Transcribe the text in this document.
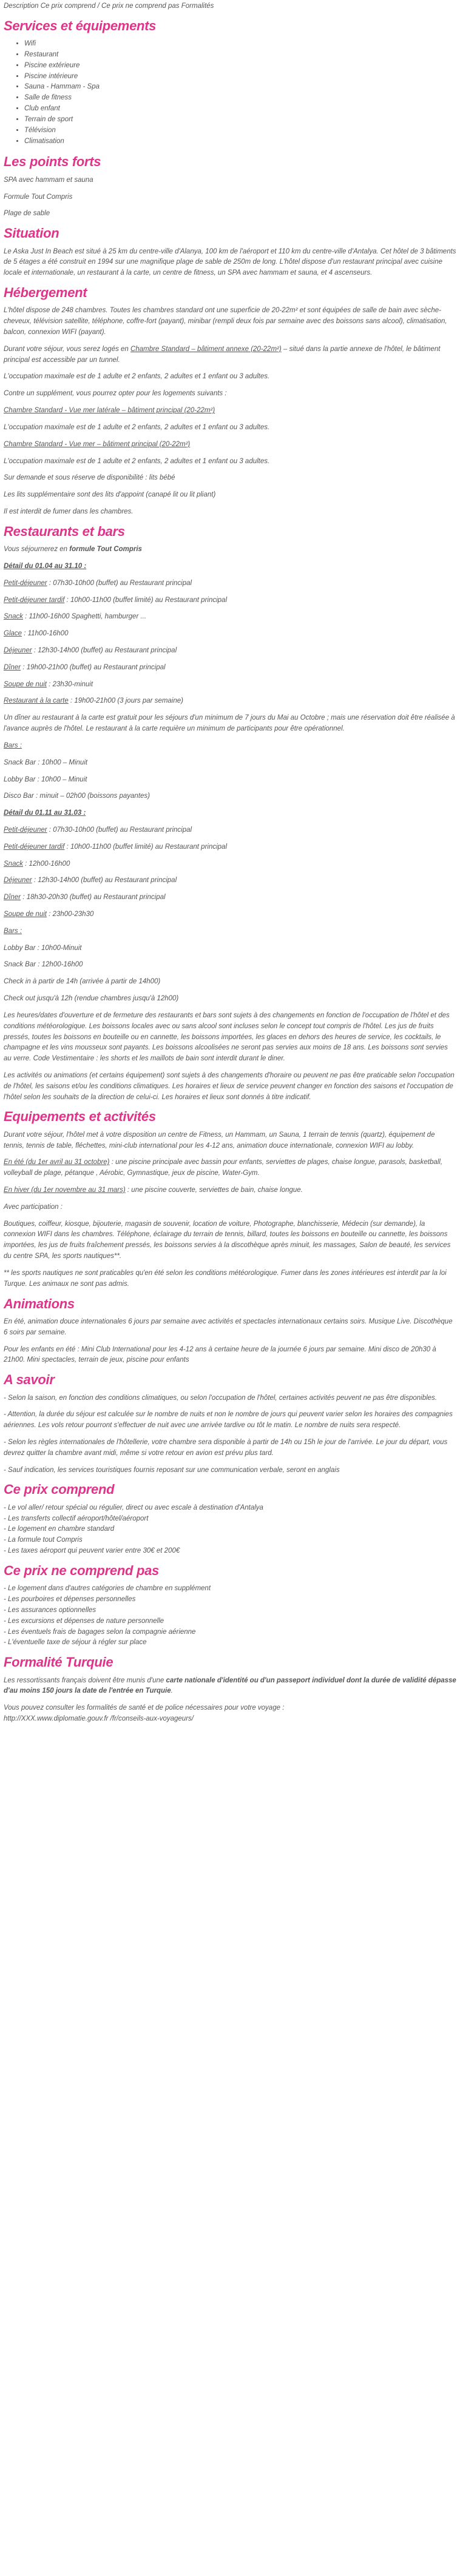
Description Ce prix comprend / Ce prix ne comprend pas Formalités

Services et équipements
• Wifi
• Restaurant
• Piscine extérieure
• Piscine intérieure
• Sauna - Hammam - Spa
• Salle de fitness
• Club enfant
• Terrain de sport
• Télévision
• Climatisation
Les points forts

SPA avec hammam et sauna

Formule Tout Compris

Plage de sable

Situation

Le Aska Just In Beach est situé à 25 km du centre-ville d'Alanya, 100 km de l'aéroport et 110 km du centre-ville d'Antalya. Cet hôtel de 3 bâtiments de 5 étages a été construit en 1994 sur une magnifique plage de sable de 250m de long. L'hôtel dispose d'un restaurant principal avec cuisine locale et internationale, un restaurant à la carte, un centre de fitness, un SPA avec hammam et sauna, et 4 ascenseurs.

Hébergement

L'hôtel dispose de 248 chambres. Toutes les chambres standard ont une superficie de 20-22m² et sont équipées de salle de bain avec sèche-cheveux, télévision satellite, téléphone, coffre-fort (payant), minibar (rempli deux fois par semaine avec des boissons sans alcool), climatisation, balcon, connexion WIFI (payant).

Durant votre séjour, vous serez logés en Chambre Standard – bâtiment annexe (20-22m²) – situé dans la partie annexe de l'hôtel, le bâtiment principal est accessible par un tunnel.

L'occupation maximale est de 1 adulte et 2 enfants, 2 adultes et 1 enfant ou 3 adultes.

Contre un supplément, vous pourrez opter pour les logements suivants :

Chambre Standard - Vue mer latérale – bâtiment principal (20-22m²)

L'occupation maximale est de 1 adulte et 2 enfants, 2 adultes et 1 enfant ou 3 adultes.

Chambre Standard - Vue mer – bâtiment principal (20-22m²)

L'occupation maximale est de 1 adulte et 2 enfants, 2 adultes et 1 enfant ou 3 adultes.

Sur demande et sous réserve de disponibilité : lits bébé

Les lits supplémentaire sont des lits d'appoint (canapé lit ou lit pliant)

Il est interdit de fumer dans les chambres.

Restaurants et bars

Vous séjournerez en formule Tout Compris

Détail du 01.04 au 31.10 :

Petit-déjeuner : 07h30-10h00 (buffet) au Restaurant principal

Petit-déjeuner tardif : 10h00-11h00 (buffet limité) au Restaurant principal

Snack : 11h00-16h00 Spaghetti, hamburger ...

Glace : 11h00-16h00

Déjeuner : 12h30-14h00 (buffet) au Restaurant principal

Dîner : 19h00-21h00 (buffet) au Restaurant principal

Soupe de nuit : 23h30-minuit

Restaurant à la carte : 19h00-21h00 (3 jours par semaine)

Un dîner au restaurant à la carte est gratuit pour les séjours d'un minimum de 7 jours du Mai au Octobre ; mais une réservation doit être réalisée à l'avance auprès de l'hôtel. Le restaurant à la carte requière un minimum de participants pour être opérationnel.

Bars :

Snack Bar : 10h00 – Minuit

Lobby Bar : 10h00 – Minuit

Disco Bar : minuit – 02h00 (boissons payantes)

Détail du 01.11 au 31.03 :

Petit-déjeuner : 07h30-10h00 (buffet) au Restaurant principal

Petit-déjeuner tardif : 10h00-11h00 (buffet limité) au Restaurant principal

Snack : 12h00-16h00

Déjeuner : 12h30-14h00 (buffet) au Restaurant principal

Dîner : 18h30-20h30 (buffet) au Restaurant principal

Soupe de nuit : 23h00-23h30

Bars :

Lobby Bar : 10h00-Minuit

Snack Bar : 12h00-16h00

Check in à partir de 14h (arrivée à partir de 14h00)

Check out jusqu'à 12h (rendue chambres jusqu'à 12h00)

Les heures/dates d'ouverture et de fermeture des restaurants et bars sont sujets à des changements en fonction de l'occupation de l'hôtel et des conditions météorologique. Les boissons locales avec ou sans alcool sont incluses selon le concept tout compris de l'hôtel. Les jus de fruits pressés, toutes les boissons en bouteille ou en cannette, les boissons importées, les glaces en dehors des heures de service, les cocktails, le champagne et les vins mousseux sont payants. Les boissons alcoolisées ne seront pas servies aux moins de 18 ans. Les boissons sont servies au verre. Code Vestimentaire : les shorts et les maillots de bain sont interdit durant le diner.

Les activités ou animations (et certains équipement) sont sujets à des changements d'horaire ou peuvent ne pas être praticable selon l'occupation de l'hôtel, les saisons et/ou les conditions climatiques. Les horaires et lieux de service peuvent changer en fonction des saisons et l'occupation de l'hôtel selon les souhaits de la direction de celui-ci. Les horaires et lieux sont donnés à titre indicatif.

Equipements et activités

Durant votre séjour, l'hôtel met à votre disposition un centre de Fitness, un Hammam, un Sauna, 1 terrain de tennis (quartz), équipement de tennis, tennis de table, fléchettes, mini-club international pour les 4-12 ans, animation douce internationale, connexion WIFI au lobby.

En été (du 1er avril au 31 octobre) : une piscine principale avec bassin pour enfants, serviettes de plages, chaise longue, parasols, basketball, volleyball de plage, pétanque , Aérobic, Gymnastique, jeux de piscine, Water-Gym.

En hiver (du 1er novembre au 31 mars) : une piscine couverte, serviettes de bain, chaise longue.

Avec participation :

Boutiques, coiffeur, kiosque, bijouterie, magasin de souvenir, location de voiture, Photographe, blanchisserie, Médecin (sur demande), la connexion WIFI dans les chambres. Téléphone, éclairage du terrain de tennis, billard, toutes les boissons en bouteille ou cannette, les boissons importées, les jus de fruits fraîchement pressés, les boissons servies à la discothèque après minuit, les massages, Salon de beauté, les services du centre SPA, les sports nautiques**.

** les sports nautiques ne sont praticables qu'en été selon les conditions météorologique. Fumer dans les zones intérieures est interdit par la loi Turque. Les animaux ne sont pas admis.

Animations

En été, animation douce internationales 6 jours par semaine avec activités et spectacles internationaux certains soirs. Musique Live. Discothèque 6 soirs par semaine.

Pour les enfants en été : Mini Club International pour les 4-12 ans à certaine heure de la journée 6 jours par semaine. Mini disco de 20h30 à 21h00. Mini spectacles, terrain de jeux, piscine pour enfants

A savoir

- Selon la saison, en fonction des conditions climatiques, ou selon l'occupation de l'hôtel, certaines activités peuvent ne pas être disponibles.

- Attention, la durée du séjour est calculée sur le nombre de nuits et non le nombre de jours qui peuvent varier selon les horaires des compagnies aériennes. Les vols retour pourront s'effectuer de nuit avec une arrivée tardive ou tôt le matin. Le nombre de nuits sera respecté.

- Selon les règles internationales de l'hôtellerie, votre chambre sera disponible à partir de 14h ou 15h le jour de l'arrivée. Le jour du départ, vous devrez quitter la chambre avant midi, même si votre retour en avion est prévu plus tard.

- Sauf indication, les services touristiques fournis reposant sur une communication verbale, seront en anglais

Ce prix comprend

- Le vol aller/ retour spécial ou régulier, direct ou avec escale à destination d'Antalya

- Les transferts collectif aéroport/hôtel/aéroport

- Le logement en chambre standard

- La formule tout Compris

- Les taxes aéroport qui peuvent varier entre 30€ et 200€

Ce prix ne comprend pas

- Le logement dans d'autres catégories de chambre en supplément

- Les pourboires et dépenses personnelles

- Les assurances optionnelles

- Les excursions et dépenses de nature personnelle

- Les éventuels frais de bagages selon la compagnie aérienne

- L'éventuelle taxe de séjour à régler sur place

Formalité Turquie

Les ressortissants français doivent être munis d'une carte nationale d'identité ou d'un passeport individuel dont la durée de validité dépasse d'au moins 150 jours la date de l'entrée en Turquie.

Vous pouvez consulter les formalités de santé et de police nécessaires pour votre voyage :

http://XXX.www.diplomatie.gouv.fr /fr/conseils-aux-voyageurs/
